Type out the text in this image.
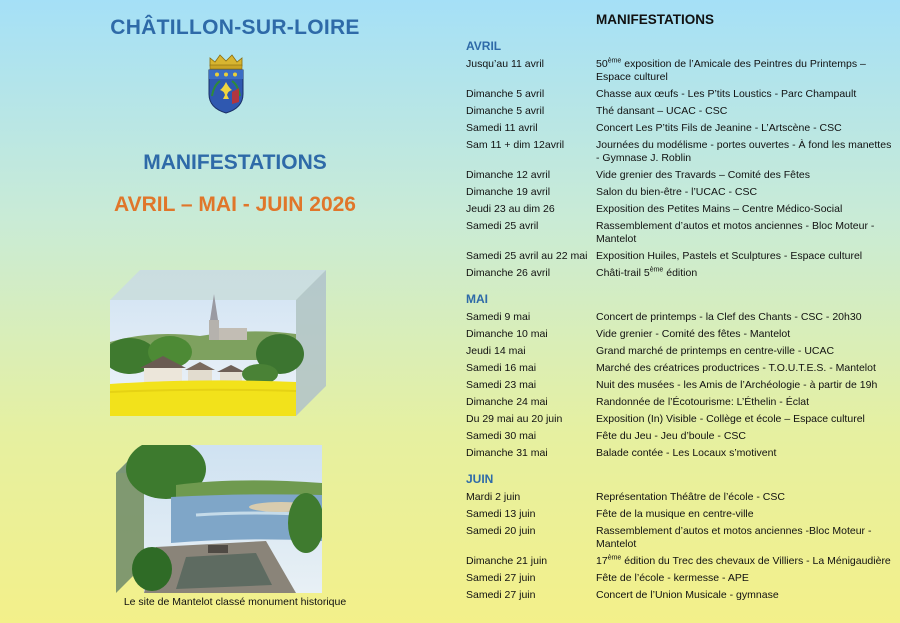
CHÂTILLON-SUR-LOIRE
MANIFESTATIONS
AVRIL – MAI - JUIN 2026
Le site de Mantelot classé monument historique
MANIFESTATIONS
AVRIL
Jusqu’au 11 avril	50ème exposition de l’Amicale des Peintres du Printemps – Espace culturel
Dimanche 5 avril	Chasse aux œufs - Les P’tits Loustics - Parc Champault
Dimanche 5 avril	Thé dansant – UCAC - CSC
Samedi 11 avril	Concert Les P’tits Fils de Jeanine - L’Artscène - CSC
Sam 11 + dim 12avril	Journées du modélisme - portes ouvertes - À fond les manettes - Gymnase J. Roblin
Dimanche 12 avril	Vide grenier des Travards – Comité des Fêtes
Dimanche 19 avril	Salon du bien-être - l’UCAC - CSC
Jeudi 23 au dim 26	Exposition des Petites Mains – Centre Médico-Social
Samedi 25 avril	Rassemblement d’autos et motos anciennes - Bloc Moteur - Mantelot
Samedi 25 avril au 22 mai Exposition Huiles, Pastels et Sculptures - Espace culturel
Dimanche 26 avril	Châti-trail 5ème édition
MAI
Samedi 9 mai	Concert de printemps - la Clef des Chants - CSC - 20h30
Dimanche 10 mai	Vide grenier - Comité des fêtes - Mantelot
Jeudi 14 mai	Grand marché de printemps en centre-ville - UCAC
Samedi 16 mai	Marché des créatrices productrices - T.O.U.T.E.S. - Mantelot
Samedi 23 mai	Nuit des musées - les Amis de l’Archéologie - à partir de 19h
Dimanche 24 mai	Randonnée de l’Écotourisme: L’Éthelin - Éclat
Du 29 mai au 20 juin	Exposition (In) Visible - Collège et école – Espace culturel
Samedi 30 mai	Fête du Jeu - Jeu d’boule - CSC
Dimanche 31 mai	Balade contée - Les Locaux s’motivent
JUIN
Mardi 2 juin	Représentation Théâtre de l’école - CSC
Samedi 13 juin	Fête de la musique en centre-ville
Samedi 20 juin	Rassemblement d’autos et motos anciennes -Bloc Moteur - Mantelot
Dimanche 21 juin	17ème édition du Trec des chevaux de Villiers - La Ménigaudière
Samedi 27 juin	Fête de l’école - kermesse - APE
Samedi 27 juin	Concert de l’Union Musicale - gymnase
